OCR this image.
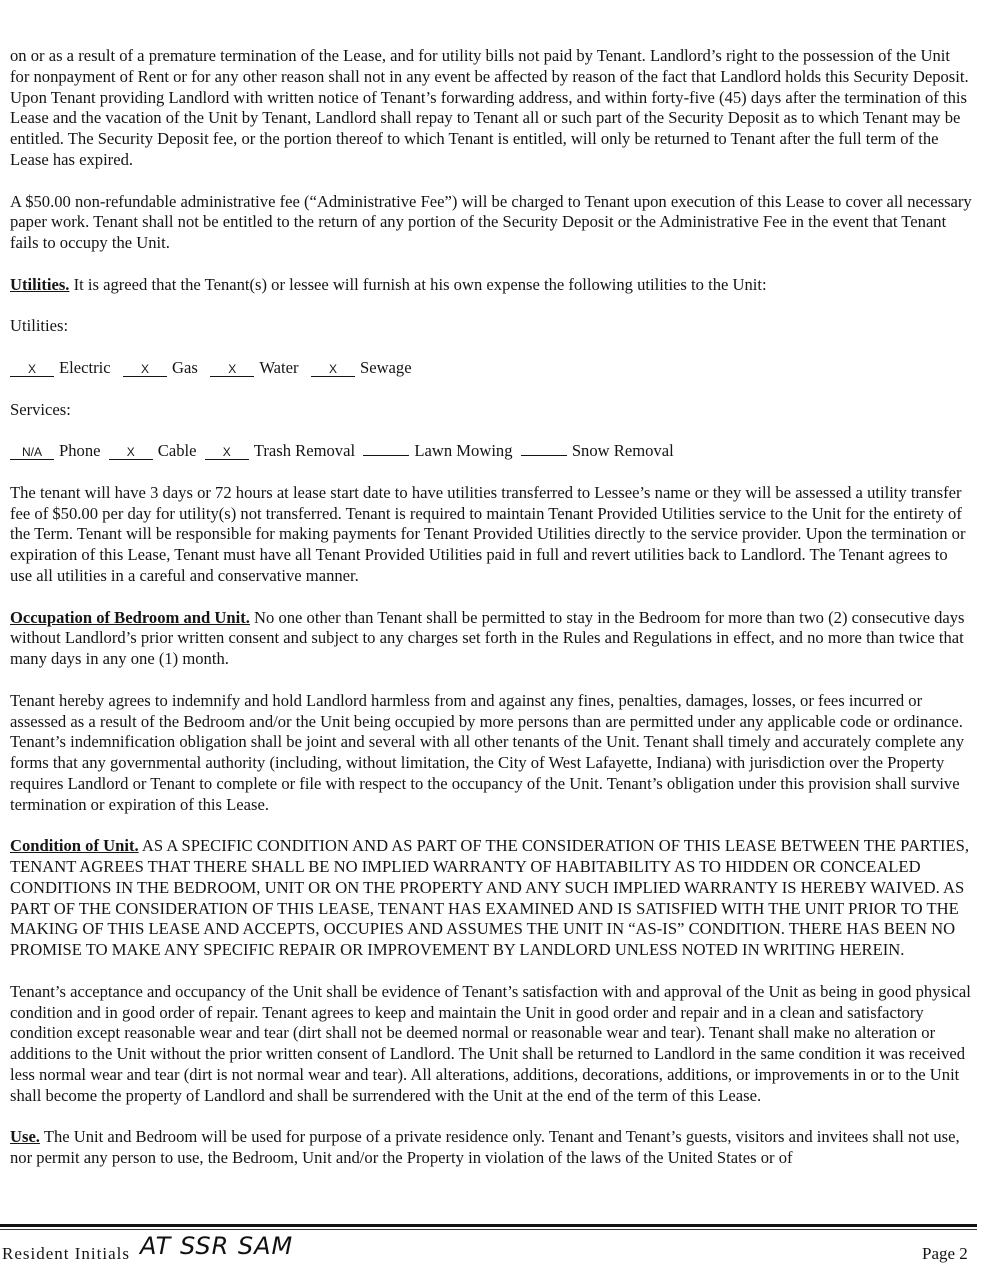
on or as a result of a premature termination of the Lease, and for utility bills not paid by Tenant. Landlord’s right to the possession of the Unit for nonpayment of Rent or for any other reason shall not in any event be affected by reason of the fact that Landlord holds this Security Deposit. Upon Tenant providing Landlord with written notice of Tenant’s forwarding address, and within forty-five (45) days after the termination of this Lease and the vacation of the Unit by Tenant, Landlord shall repay to Tenant all or such part of the Security Deposit as to which Tenant may be entitled. The Security Deposit fee, or the portion thereof to which Tenant is entitled, will only be returned to Tenant after the full term of the Lease has expired.

A $50.00 non-refundable administrative fee (“Administrative Fee”) will be charged to Tenant upon execution of this Lease to cover all necessary paper work. Tenant shall not be entitled to the return of any portion of the Security Deposit or the Administrative Fee in the event that Tenant fails to occupy the Unit.

Utilities. It is agreed that the Tenant(s) or lessee will furnish at his own expense the following utilities to the Unit:

Utilities:

X Electric	X Gas	X Water	X Sewage

Services:

N/A Phone X Cable X Trash Removal	Lawn Mowing	Snow Removal

The tenant will have 3 days or 72 hours at lease start date to have utilities transferred to Lessee’s name or they will be assessed a utility transfer fee of $50.00 per day for utility(s) not transferred. Tenant is required to maintain Tenant Provided Utilities service to the Unit for the entirety of the Term. Tenant will be responsible for making payments for Tenant Provided Utilities directly to the service provider. Upon the termination or expiration of this Lease, Tenant must have all Tenant Provided Utilities paid in full and revert utilities back to Landlord. The Tenant agrees to use all utilities in a careful and conservative manner.

Occupation of Bedroom and Unit. No one other than Tenant shall be permitted to stay in the Bedroom for more than two (2) consecutive days without Landlord’s prior written consent and subject to any charges set forth in the Rules and Regulations in effect, and no more than twice that many days in any one (1) month.

Tenant hereby agrees to indemnify and hold Landlord harmless from and against any fines, penalties, damages, losses, or fees incurred or assessed as a result of the Bedroom and/or the Unit being occupied by more persons than are permitted under any applicable code or ordinance. Tenant’s indemnification obligation shall be joint and several with all other tenants of the Unit. Tenant shall timely and accurately complete any forms that any governmental authority (including, without limitation, the City of West Lafayette, Indiana) with jurisdiction over the Property requires Landlord or Tenant to complete or file with respect to the occupancy of the Unit. Tenant’s obligation under this provision shall survive termination or expiration of this Lease.

Condition of Unit. AS A SPECIFIC CONDITION AND AS PART OF THE CONSIDERATION OF THIS LEASE BETWEEN THE PARTIES, TENANT AGREES THAT THERE SHALL BE NO IMPLIED WARRANTY OF HABITABILITY AS TO HIDDEN OR CONCEALED CONDITIONS IN THE BEDROOM, UNIT OR ON THE PROPERTY AND ANY SUCH IMPLIED WARRANTY IS HEREBY WAIVED. AS PART OF THE CONSIDERATION OF THIS LEASE, TENANT HAS EXAMINED AND IS SATISFIED WITH THE UNIT PRIOR TO THE MAKING OF THIS LEASE AND ACCEPTS, OCCUPIES AND ASSUMES THE UNIT IN “AS-IS” CONDITION. THERE HAS BEEN NO PROMISE TO MAKE ANY SPECIFIC REPAIR OR IMPROVEMENT BY LANDLORD UNLESS NOTED IN WRITING HEREIN.

Tenant’s acceptance and occupancy of the Unit shall be evidence of Tenant’s satisfaction with and approval of the Unit as being in good physical condition and in good order of repair. Tenant agrees to keep and maintain the Unit in good order and repair and in a clean and satisfactory condition except reasonable wear and tear (dirt shall not be deemed normal or reasonable wear and tear). Tenant shall make no alteration or additions to the Unit without the prior written consent of Landlord. The Unit shall be returned to Landlord in the same condition it was received less normal wear and tear (dirt is not normal wear and tear). All alterations, additions, decorations, additions, or improvements in or to the Unit shall become the property of Landlord and shall be surrendered with the Unit at the end of the term of this Lease.

Use. The Unit and Bedroom will be used for purpose of a private residence only. Tenant and Tenant’s guests, visitors and invitees shall not use, nor permit any person to use, the Bedroom, Unit and/or the Property in violation of the laws of the United States or of

Resident Initials AT SSR SAM	Page 2
